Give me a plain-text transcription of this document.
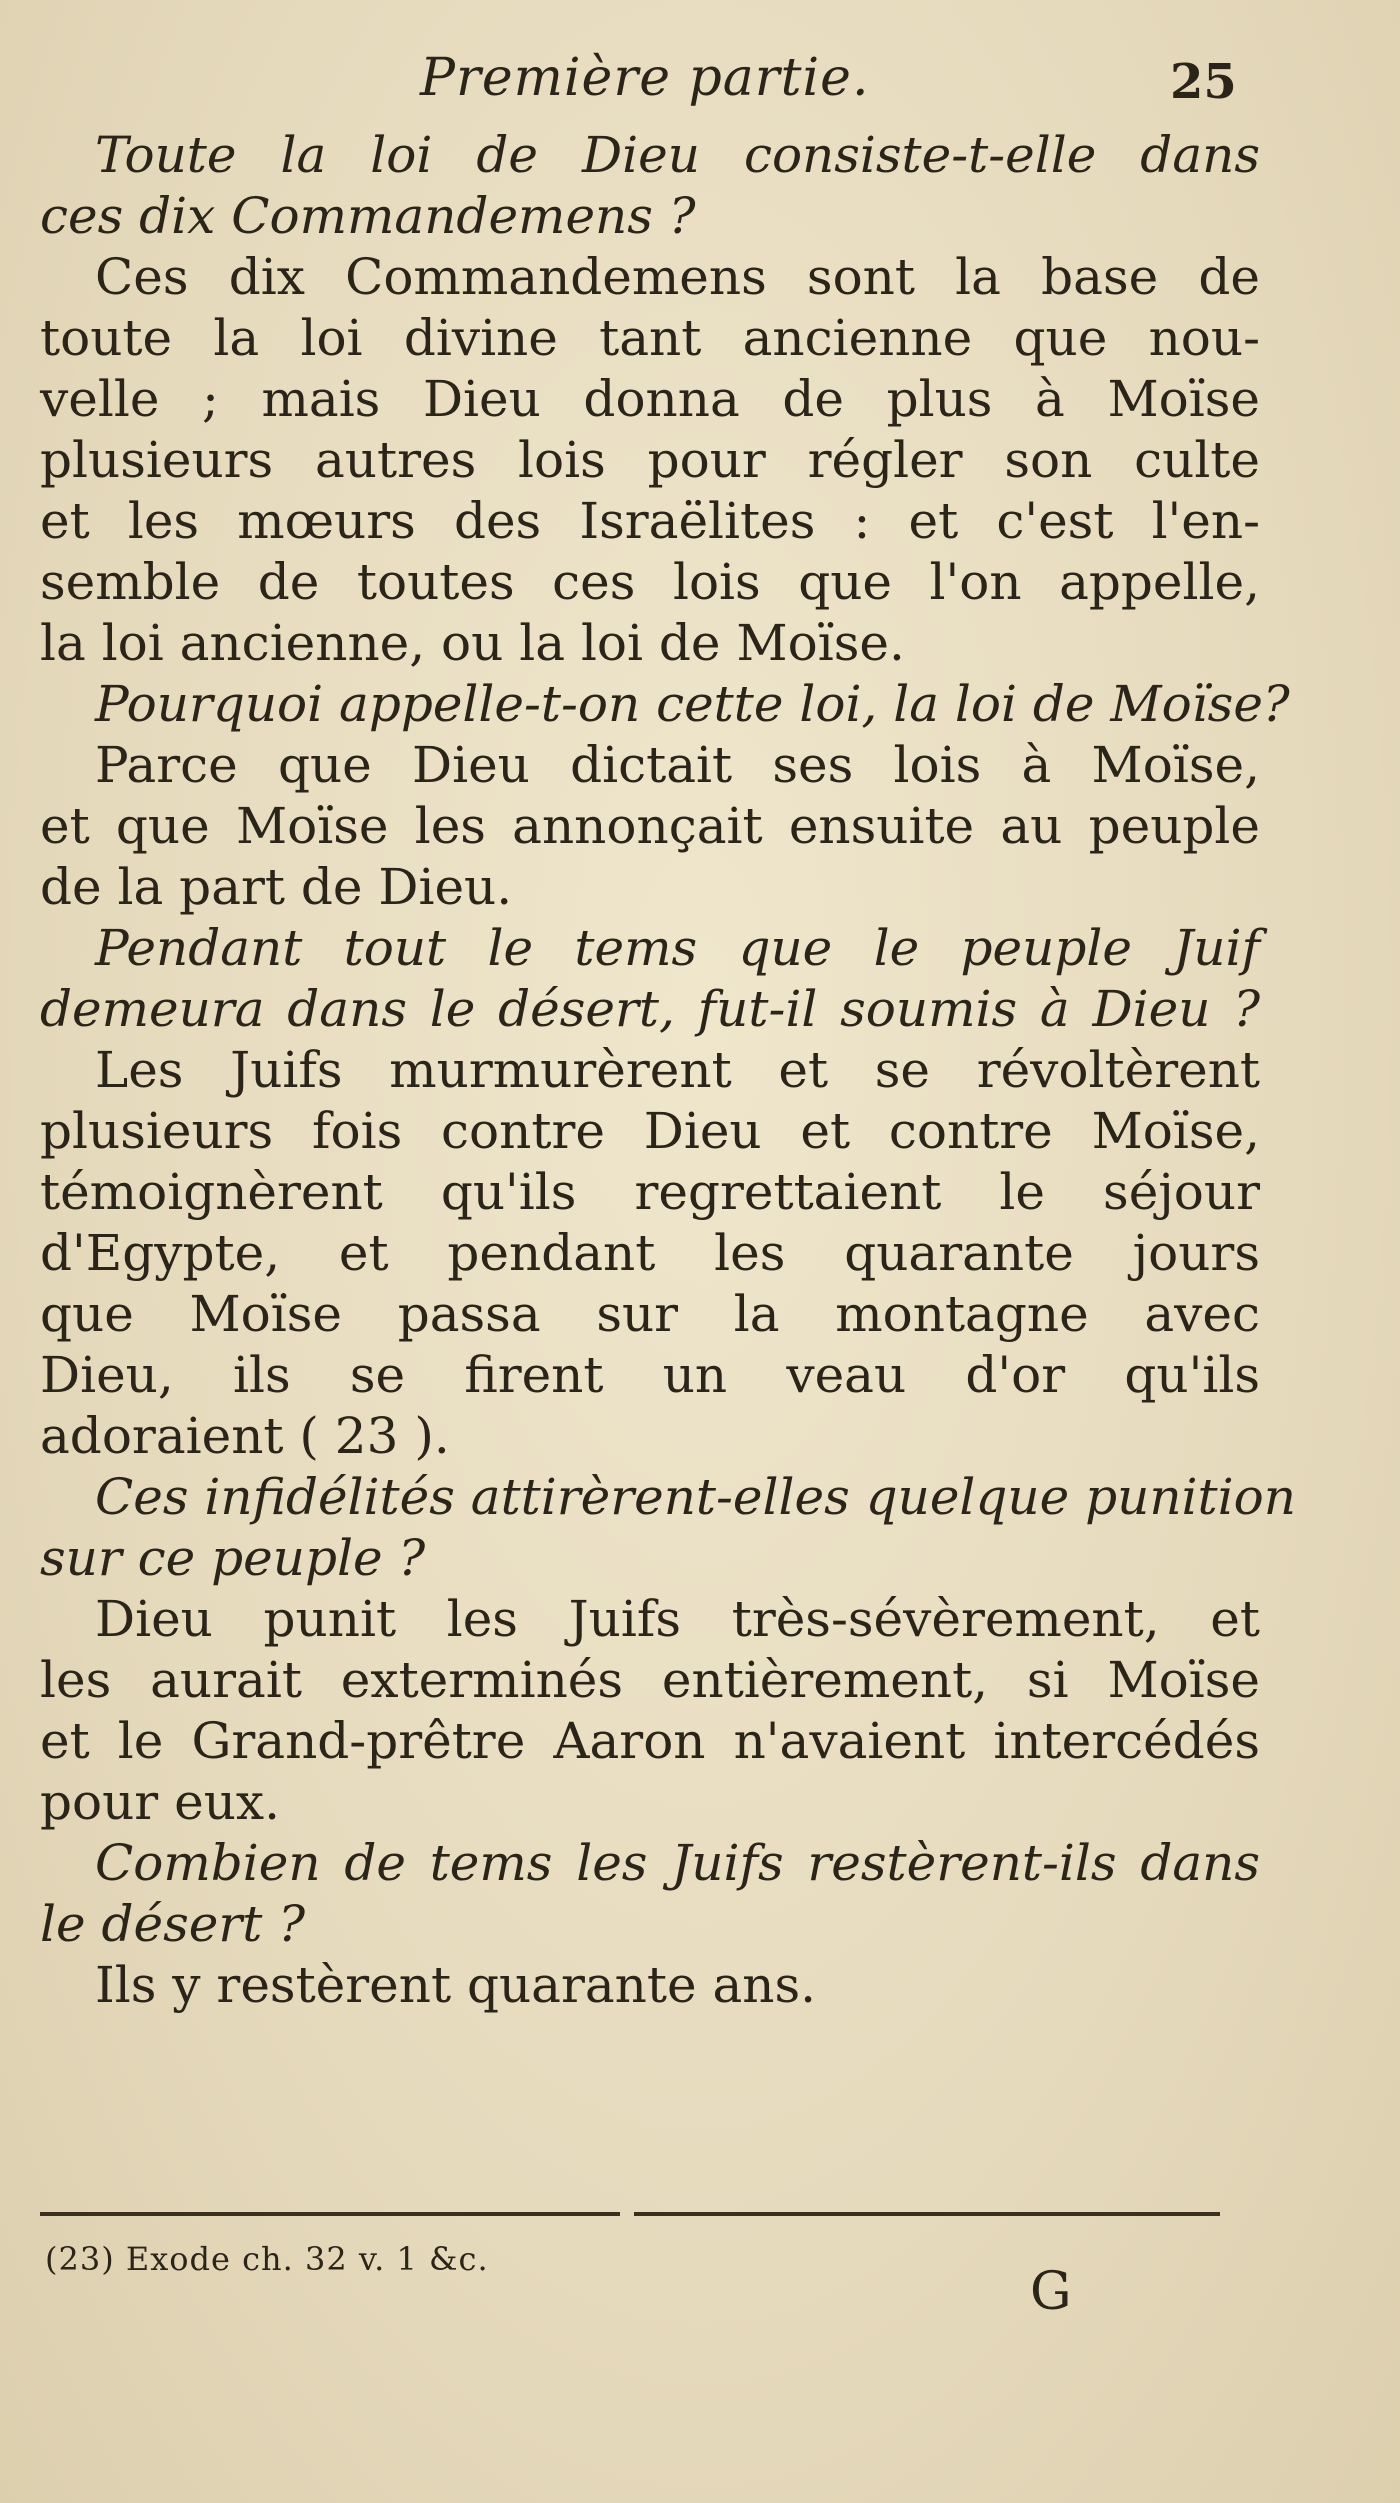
Première partie.	25
Toute la loi de Dieu consiste-t-elle dans
ces dix Commandemens ?
Ces dix Commandemens sont la base de
toute la loi divine tant ancienne que nou-
velle ; mais Dieu donna de plus à Moïse
plusieurs autres lois pour régler son culte
et les mœurs des Israëlites : et c'est l'en-
semble de toutes ces lois que l'on appelle,
la loi ancienne, ou la loi de Moïse.
Pourquoi appelle-t-on cette loi, la loi de Moïse?
Parce que Dieu dictait ses lois à Moïse,
et que Moïse les annonçait ensuite au peuple
de la part de Dieu.
Pendant tout le tems que le peuple Juif
demeura dans le désert, fut-il soumis à Dieu ?
Les Juifs murmurèrent et se révoltèrent
plusieurs fois contre Dieu et contre Moïse,
témoignèrent qu'ils regrettaient le séjour
d'Egypte, et pendant les quarante jours
que Moïse passa sur la montagne avec
Dieu, ils se firent un veau d'or qu'ils
adoraient ( 23 ).
Ces infidélités attirèrent-elles quelque punition
sur ce peuple ?
Dieu punit les Juifs très-sévèrement, et
les aurait exterminés entièrement, si Moïse
et le Grand-prêtre Aaron n'avaient intercédés
pour eux.
Combien de tems les Juifs restèrent-ils dans
le désert ?
Ils y restèrent quarante ans.
(23) Exode ch. 32 v. 1 &c.
G
